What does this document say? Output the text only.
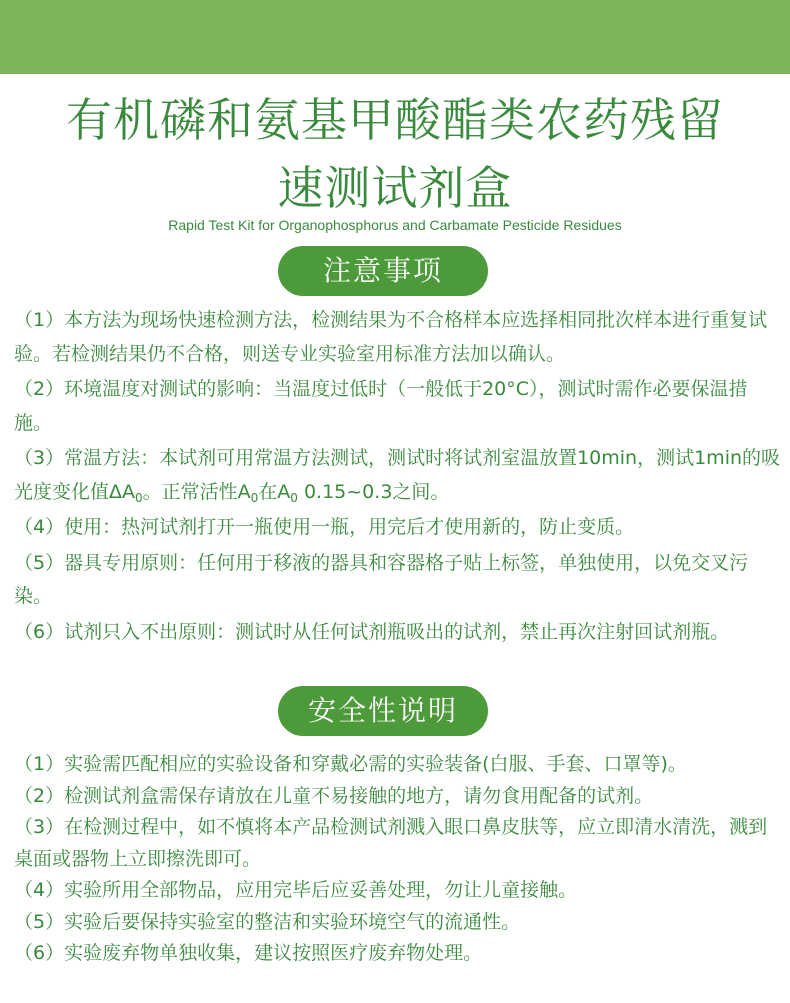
有机磷和氨基甲酸酯类农药残留
速测试剂盒
Rapid Test Kit for Organophosphorus and Carbamate Pesticide Residues
注意事项
（1）本方法为现场快速检测方法，检测结果为不合格样本应选择相同批次样本进行重复试验。若检测结果仍不合格，则送专业实验室用标准方法加以确认。
（2）环境温度对测试的影响：当温度过低时（一般低于20°C），测试时需作必要保温措施。
（3）常温方法：本试剂可用常温方法测试，测试时将试剂室温放置10min，测试1min的吸光度变化值$\Delta A_0$。正常活性$A_0$在$A_0$ 0.15~0.3之间。
（4）使用：热河试剂打开一瓶使用一瓶，用完后才使用新的，防止变质。
（5）器具专用原则：任何用于移液的器具和容器格子贴上标签，单独使用，以免交叉污染。
（6）试剂只入不出原则：测试时从任何试剂瓶吸出的试剂，禁止再次注射回试剂瓶。
安全性说明
（1）实验需匹配相应的实验设备和穿戴必需的实验装备(白服、手套、口罩等)。
（2）检测试剂盒需保存请放在儿童不易接触的地方，请勿食用配备的试剂。
（3）在检测过程中，如不慎将本产品检测试剂溅入眼口鼻皮肤等，应立即清水清洗，溅到桌面或器物上立即擦洗即可。
（4）实验所用全部物品，应用完毕后应妥善处理，勿让儿童接触。
（5）实验后要保持实验室的整洁和实验环境空气的流通性。
（6）实验废弃物单独收集，建议按照医疗废弃物处理。
